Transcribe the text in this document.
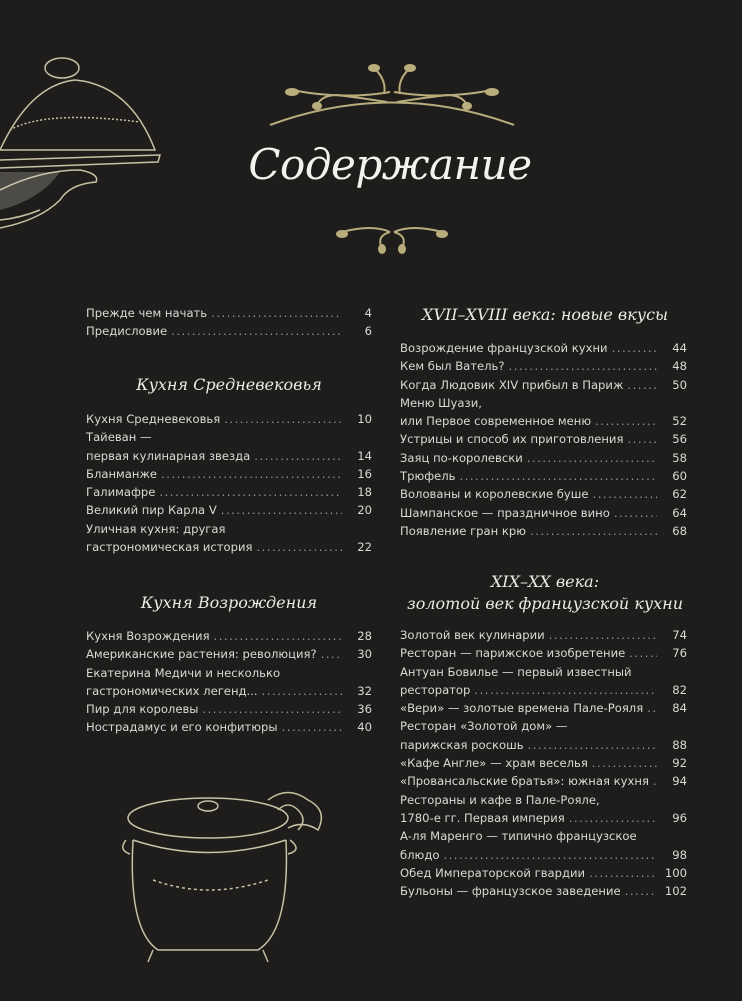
Содержание
Прежде чем начать .....	4
Предисловие .....	6
Кухня Средневековья
Кухня Средневековья .....	10
Тайеван —
первая кулинарная звезда .....	14
Бланманже .....	16
Галимафре .....	18
Великий пир Карла V .....	20
Уличная кухня: другая
гастрономическая история .....	22
Кухня Возрождения
Кухня Возрождения .....	28
Американские растения: революция? .....	30
Екатерина Медичи и несколько
гастрономических легенд... .....	32
Пир для королевы .....	36
Нострадамус и его конфитюры .....	40
XVII–XVIII века: новые вкусы
Возрождение французской кухни .....	44
Кем был Ватель? .....	48
Когда Людовик XIV прибыл в Париж .....	50
Меню Шуази,
или Первое современное меню .....	52
Устрицы и способ их приготовления .....	56
Заяц по-королевски .....	58
Трюфель .....	60
Волованы и королевские буше .....	62
Шампанское — праздничное вино .....	64
Появление гран крю .....	68
XIX–XX века:
золотой век французской кухни
Золотой век кулинарии .....	74
Ресторан — парижское изобретение .....	76
Антуан Бовилье — первый известный
ресторатор .....	82
«Вери» — золотые времена Пале-Рояля .....	84
Ресторан «Золотой дом» —
парижская роскошь .....	88
«Кафе Англе» — храм веселья .....	92
«Провансальские братья»: южная кухня .....	94
Рестораны и кафе в Пале-Рояле,
1780-е гг. Первая империя .....	96
А-ля Маренго — типично французское
блюдо .....	98
Обед Императорской гвардии .....	100
Бульоны — французское заведение .....	102
